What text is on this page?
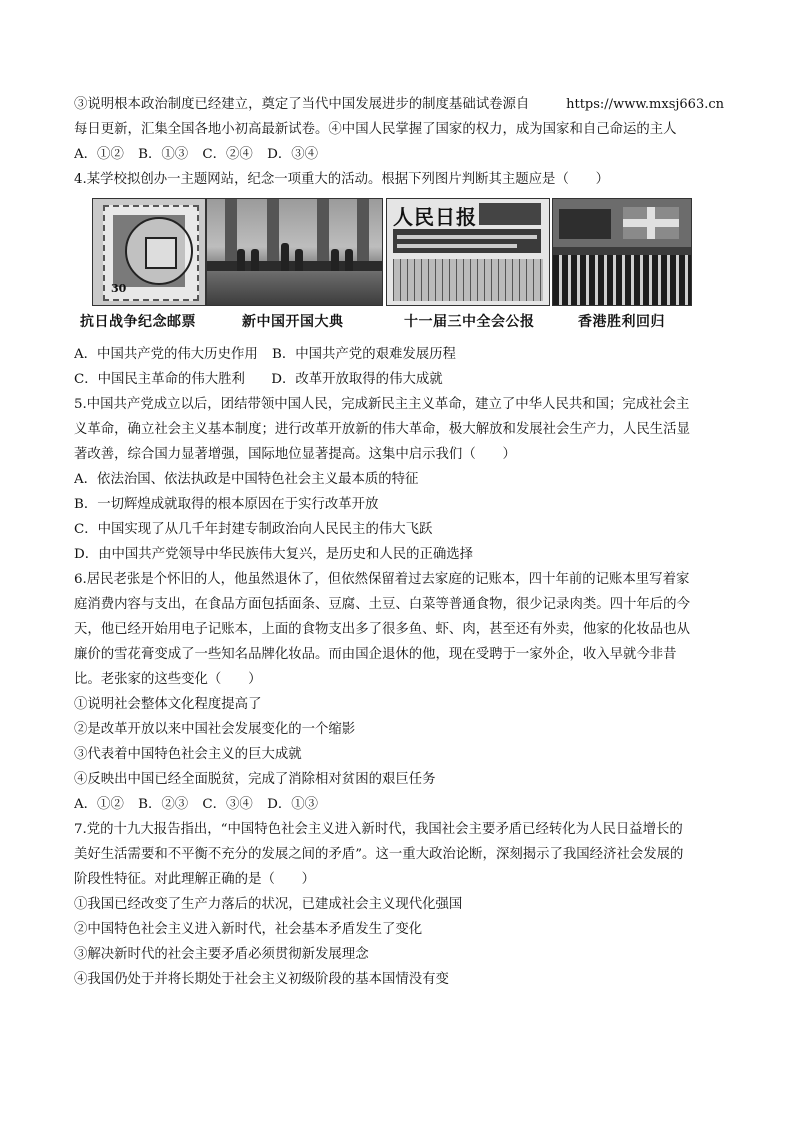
③说明根本政治制度已经建立，奠定了当代中国发展进步的制度基础试卷源自	https://www.mxsj663.cn
每日更新，汇集全国各地小初高最新试卷。④中国人民掌握了国家的权力，成为国家和自己命运的主人
A．①② B．①③ C．②④ D．③④
4.某学校拟创办一主题网站，纪念一项重大的活动。根据下列图片判断其主题应是（　　）
30
人民日报
抗日战争纪念邮票	新中国开国大典	十一届三中全会公报	香港胜利回归
A．中国共产党的伟大历史作用 B．中国共产党的艰难发展历程
C．中国民主革命的伟大胜利 D．改革开放取得的伟大成就
5.中国共产党成立以后，团结带领中国人民，完成新民主主义革命，建立了中华人民共和国；完成社会主
义革命，确立社会主义基本制度；进行改革开放新的伟大革命，极大解放和发展社会生产力，人民生活显
著改善，综合国力显著增强，国际地位显著提高。这集中启示我们（　　）
A．依法治国、依法执政是中国特色社会主义最本质的特征
B．一切辉煌成就取得的根本原因在于实行改革开放
C．中国实现了从几千年封建专制政治向人民民主的伟大飞跃
D．由中国共产党领导中华民族伟大复兴，是历史和人民的正确选择
6.居民老张是个怀旧的人，他虽然退休了，但依然保留着过去家庭的记账本，四十年前的记账本里写着家
庭消费内容与支出，在食品方面包括面条、豆腐、土豆、白菜等普通食物，很少记录肉类。四十年后的今
天，他已经开始用电子记账本，上面的食物支出多了很多鱼、虾、肉，甚至还有外卖，他家的化妆品也从
廉价的雪花膏变成了一些知名品牌化妆品。而由国企退休的他，现在受聘于一家外企，收入早就今非昔
比。老张家的这些变化（　　）
①说明社会整体文化程度提高了
②是改革开放以来中国社会发展变化的一个缩影
③代表着中国特色社会主义的巨大成就
④反映出中国已经全面脱贫，完成了消除相对贫困的艰巨任务
A．①② B．②③ C．③④ D．①③
7.党的十九大报告指出，“中国特色社会主义进入新时代，我国社会主要矛盾已经转化为人民日益增长的
美好生活需要和不平衡不充分的发展之间的矛盾”。这一重大政治论断，深刻揭示了我国经济社会发展的
阶段性特征。对此理解正确的是（　　）
①我国已经改变了生产力落后的状况，已建成社会主义现代化强国
②中国特色社会主义进入新时代，社会基本矛盾发生了变化
③解决新时代的社会主要矛盾必须贯彻新发展理念
④我国仍处于并将长期处于社会主义初级阶段的基本国情没有变
